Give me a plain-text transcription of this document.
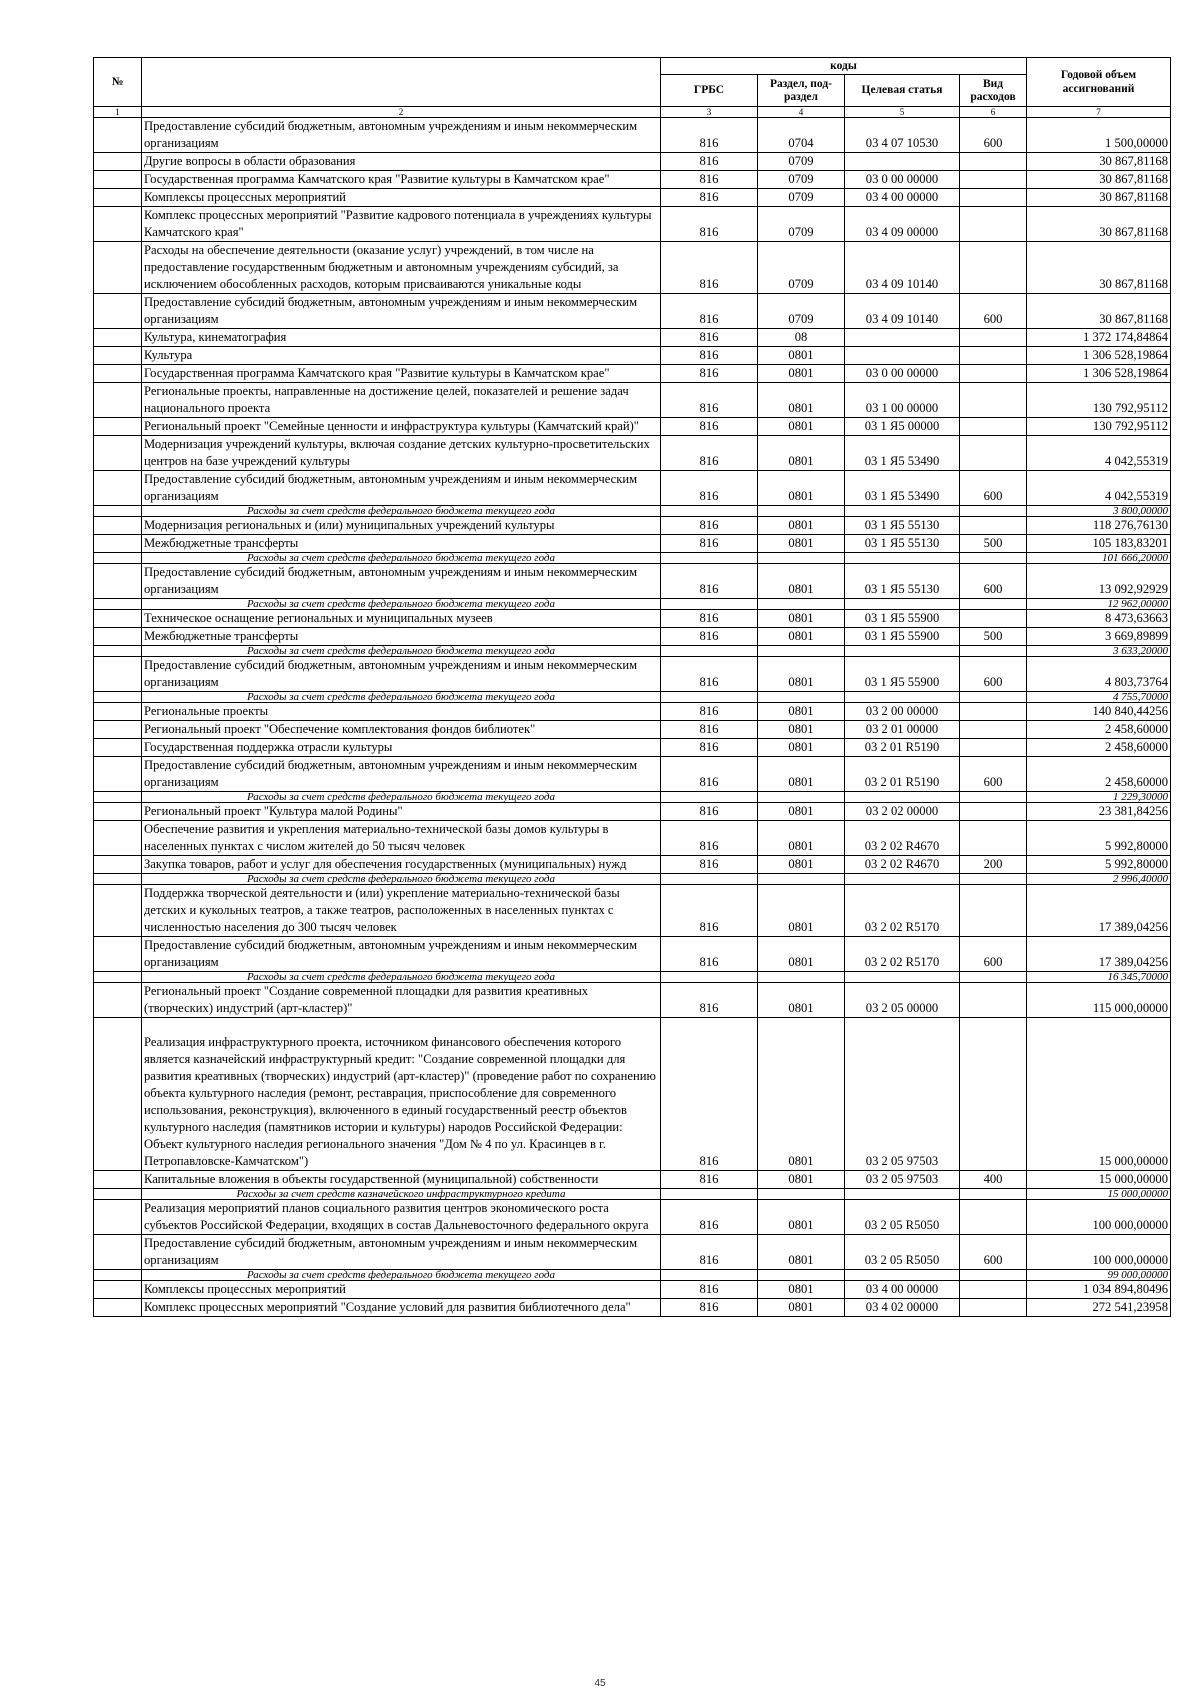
№		коды				Годовой объем ассигнований
		ГРБС	Раздел, под-раздел	Целевая статья	Вид расходов	
1	2	3	4	5	6	7
	Предоставление субсидий бюджетным, автономным учреждениям и иным некоммерческим организациям	816	0704	03 4 07 10530	600	1 500,00000
	Другие вопросы в области образования	816	0709			30 867,81168
	Государственная программа Камчатского края "Развитие культуры в Камчатском крае"	816	0709	03 0 00 00000		30 867,81168
	Комплексы процессных мероприятий	816	0709	03 4 00 00000		30 867,81168
	Комплекс процессных мероприятий "Развитие кадрового потенциала в учреждениях культуры Камчатского края"	816	0709	03 4 09 00000		30 867,81168
	Расходы на обеспечение деятельности (оказание услуг) учреждений, в том числе на предоставление государственным бюджетным и автономным учреждениям субсидий, за исключением обособленных расходов, которым присваиваются уникальные коды	816	0709	03 4 09 10140		30 867,81168
	Предоставление субсидий бюджетным, автономным учреждениям и иным некоммерческим организациям	816	0709	03 4 09 10140	600	30 867,81168
	Культура, кинематография	816	08			1 372 174,84864
	Культура	816	0801			1 306 528,19864
	Государственная программа Камчатского края "Развитие культуры в Камчатском крае"	816	0801	03 0 00 00000		1 306 528,19864
	Региональные проекты, направленные на достижение целей, показателей и решение задач национального проекта	816	0801	03 1 00 00000		130 792,95112
	Региональный проект "Семейные ценности и инфраструктура культуры (Камчатский край)"	816	0801	03 1 Я5 00000		130 792,95112
	Модернизация учреждений культуры, включая создание детских культурно-просветительских центров на базе учреждений культуры	816	0801	03 1 Я5 53490		4 042,55319
	Предоставление субсидий бюджетным, автономным учреждениям и иным некоммерческим организациям	816	0801	03 1 Я5 53490	600	4 042,55319
	Расходы за счет средств федерального бюджета текущего года					3 800,00000
	Модернизация региональных и (или) муниципальных учреждений культуры	816	0801	03 1 Я5 55130		118 276,76130
	Межбюджетные трансферты	816	0801	03 1 Я5 55130	500	105 183,83201
	Расходы за счет средств федерального бюджета текущего года					101 666,20000
	Предоставление субсидий бюджетным, автономным учреждениям и иным некоммерческим организациям	816	0801	03 1 Я5 55130	600	13 092,92929
	Расходы за счет средств федерального бюджета текущего года					12 962,00000
	Техническое оснащение региональных и муниципальных музеев	816	0801	03 1 Я5 55900		8 473,63663
	Межбюджетные трансферты	816	0801	03 1 Я5 55900	500	3 669,89899
	Расходы за счет средств федерального бюджета текущего года					3 633,20000
	Предоставление субсидий бюджетным, автономным учреждениям и иным некоммерческим организациям	816	0801	03 1 Я5 55900	600	4 803,73764
	Расходы за счет средств федерального бюджета текущего года					4 755,70000
	Региональные проекты	816	0801	03 2 00 00000		140 840,44256
	Региональный проект "Обеспечение комплектования фондов библиотек"	816	0801	03 2 01 00000		2 458,60000
	Государственная поддержка отрасли культуры	816	0801	03 2 01 R5190		2 458,60000
	Предоставление субсидий бюджетным, автономным учреждениям и иным некоммерческим организациям	816	0801	03 2 01 R5190	600	2 458,60000
	Расходы за счет средств федерального бюджета текущего года					1 229,30000
	Региональный проект "Культура малой Родины"	816	0801	03 2 02 00000		23 381,84256
	Обеспечение развития и укрепления материально-технической базы домов культуры в населенных пунктах с числом жителей до 50 тысяч человек	816	0801	03 2 02 R4670		5 992,80000
	Закупка товаров, работ и услуг для обеспечения государственных (муниципальных) нужд	816	0801	03 2 02 R4670	200	5 992,80000
	Расходы за счет средств федерального бюджета текущего года					2 996,40000
	Поддержка творческой деятельности и (или) укрепление материально-технической базы детских и кукольных театров, а также театров, расположенных в населенных пунктах с численностью населения до 300 тысяч человек	816	0801	03 2 02 R5170		17 389,04256
	Предоставление субсидий бюджетным, автономным учреждениям и иным некоммерческим организациям	816	0801	03 2 02 R5170	600	17 389,04256
	Расходы за счет средств федерального бюджета текущего года					16 345,70000
	Региональный проект "Создание современной площадки для развития креативных (творческих) индустрий (арт-кластер)"	816	0801	03 2 05 00000		115 000,00000
	Реализация инфраструктурного проекта, источником финансового обеспечения которого является казначейский инфраструктурный кредит: "Создание современной площадки для развития креативных (творческих) индустрий (арт-кластер)" (проведение работ по сохранению объекта культурного наследия (ремонт, реставрация, приспособление для современного использования, реконструкция), включенного в единый государственный реестр объектов культурного наследия (памятников истории и культуры) народов Российской Федерации: Объект культурного наследия регионального значения "Дом № 4 по ул. Красинцев в г. Петропавловске-Камчатском")	816	0801	03 2 05 97503		15 000,00000
	Капитальные вложения в объекты государственной (муниципальной) собственности	816	0801	03 2 05 97503	400	15 000,00000
	Расходы за счет средств казначейского инфраструктурного кредита					15 000,00000
	Реализация мероприятий планов социального развития центров экономического роста субъектов Российской Федерации, входящих в состав Дальневосточного федерального округа	816	0801	03 2 05 R5050		100 000,00000
	Предоставление субсидий бюджетным, автономным учреждениям и иным некоммерческим организациям	816	0801	03 2 05 R5050	600	100 000,00000
	Расходы за счет средств федерального бюджета текущего года					99 000,00000
	Комплексы процессных мероприятий	816	0801	03 4 00 00000		1 034 894,80496
	Комплекс процессных мероприятий "Создание условий для развития библиотечного дела"	816	0801	03 4 02 00000		272 541,23958
45
